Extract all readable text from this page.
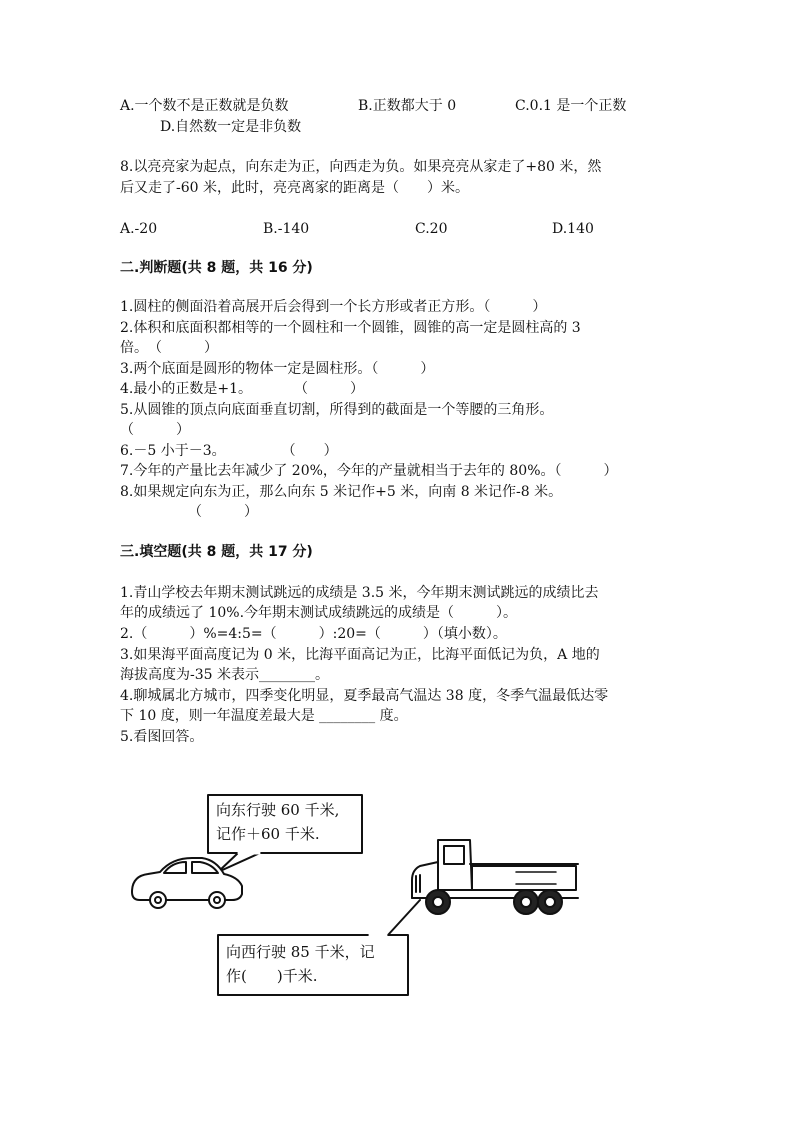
A.一个数不是正数就是负数	B.正数都大于 0	C.0.1 是一个正数
D.自然数一定是非负数
8.以亮亮家为起点，向东走为正，向西走为负。如果亮亮从家走了+80 米，然
后又走了-60 米，此时，亮亮离家的距离是（　　）米。
A.-20	B.-140	C.20	D.140
二.判断题(共 8 题，共 16 分)
1.圆柱的侧面沿着高展开后会得到一个长方形或者正方形。（　　　）
2.体积和底面积都相等的一个圆柱和一个圆锥，圆锥的高一定是圆柱高的 3
倍。　（　　　）
3.两个底面是圆形的物体一定是圆柱形。（　　　）
4.最小的正数是+1。　　　　（　　　）
5.从圆锥的顶点向底面垂直切割，所得到的截面是一个等腰的三角形。
（　　　）
6.－5 小于－3。　　　　　（　　）
7.今年的产量比去年减少了 20%，今年的产量就相当于去年的 80%。（　　　）
8.如果规定向东为正，那么向东 5 米记作+5 米，向南 8 米记作-8 米。
（　　　）
三.填空题(共 8 题，共 17 分)
1.青山学校去年期末测试跳远的成绩是 3.5 米，今年期末测试跳远的成绩比去
年的成绩远了 10%.今年期末测试成绩跳远的成绩是（　　　）。
2.（　　　）%=4:5=（　　　）:20=（　　　）（填小数）。
3.如果海平面高度记为 0 米，比海平面高记为正，比海平面低记为负，A 地的
海拔高度为-35 米表示________。
4.聊城属北方城市，四季变化明显，夏季最高气温达 38 度，冬季气温最低达零
下 10 度，则一年温度差最大是 ________ 度。
5.看图回答。
向东行驶 60 千米,
记作＋60 千米.
向西行驶 85 千米，记
作(　　)千米.
